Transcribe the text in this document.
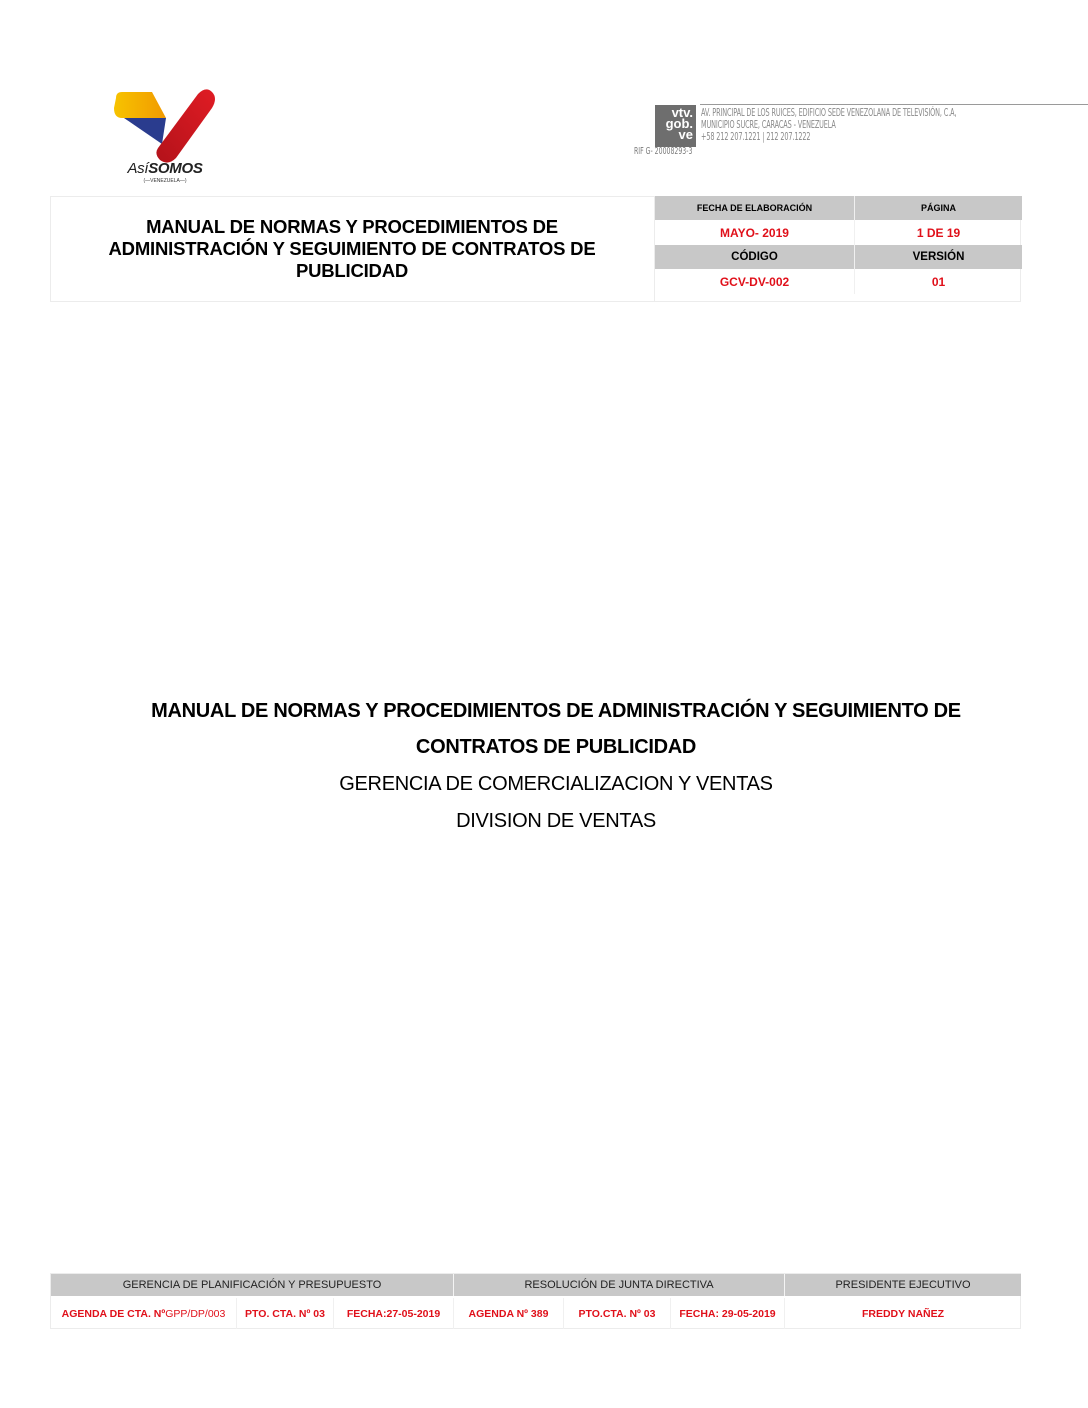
AsíSOMOS
(—VENEZUELA—)
vtv.
gob.
ve
AV. PRINCIPAL DE LOS RUICES, EDIFICIO SEDE VENEZOLANA DE TELEVISIÓN, C.A,
MUNICIPIO SUCRE, CARACAS - VENEZUELA
+58 212 207.1221 | 212 207.1222
RIF G- 20008293-3
MANUAL DE NORMAS Y PROCEDIMIENTOS DE
ADMINISTRACIÓN Y SEGUIMIENTO DE CONTRATOS DE
PUBLICIDAD
FECHA DE ELABORACIÓN	PÁGINA
MAYO- 2019	1 DE 19
CÓDIGO	VERSIÓN
GCV-DV-002	01
MANUAL DE NORMAS Y PROCEDIMIENTOS DE ADMINISTRACIÓN Y SEGUIMIENTO DE
CONTRATOS DE PUBLICIDAD
GERENCIA DE COMERCIALIZACION Y VENTAS
DIVISION DE VENTAS
GERENCIA DE PLANIFICACIÓN Y PRESUPUESTO	RESOLUCIÓN DE JUNTA DIRECTIVA	PRESIDENTE EJECUTIVO
AGENDA DE CTA. Nº GPP/DP/003	PTO. CTA. Nº 03	FECHA:27-05-2019	AGENDA Nº 389	PTO.CTA. Nº 03	FECHA: 29-05-2019	FREDDY NAÑEZ
